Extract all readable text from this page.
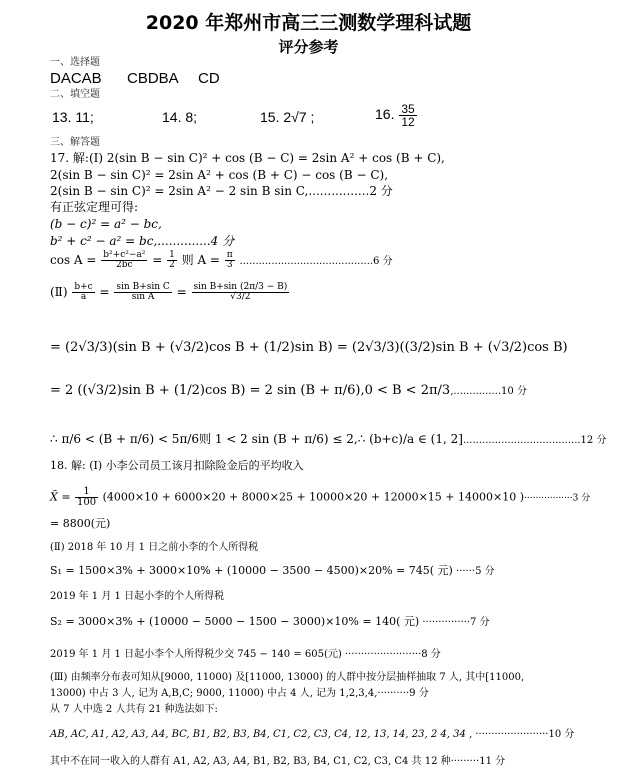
2020 年郑州市高三三测数学理科试题
评分参考
一、选择题
DACAB CBDBA CD
二、填空题
13. 11;	14. 8;	15. 2√7 ;	16. $\frac{35}{12}$
三、解答题
17. 解:(Ⅰ) 2(sin B − sin C)² + cos (B − C) = 2sin A² + cos (B + C),
2(sin B − sin C)² = 2sin A² + cos (B + C) − cos (B − C),
2(sin B − sin C)² = 2sin A² − 2 sin B sin C,................2 分
有正弦定理可得:
(b − c)² = a² − bc,
b² + c² − a² = bc,..............4 分
$\cos A = \frac{\text{b²+c²−a²}}{2bc} = \frac{1}{2}$ 则 $A = \frac{\pi}{3} ..........................................6$ 分
(Ⅱ) $\frac{b+c}{a} = \frac{\text{sin B+sin C}}{\text{sin A}} = \frac{\text{sin B+sin (2π/3 − B)}}{√3/2}$
= (2√3/3)(sin B + (√3/2)cos B + (1/2)sin B) = (2√3/3)((3/2)sin B + (√3/2)cos B)
= 2 ((√3/2)sin B + (1/2)cos B) = 2 sin (B + π/6),0 < B < 2π/3,...............10 分
∴ π/6 < (B + π/6) < 5π/6则 1 < 2 sin (B + π/6) ≤ 2,∴ (b+c)/a ∈ (1, 2].....................................12 分
18. 解: (Ⅰ) 小李公司员工该月扣除险金后的平均收入
X̄ = $\frac{1}{100} (4000\times 10 + 6000\times 20 + 8000\times 25 + 10000\times 20 + 12000\times 15 + 14000\times 10$ )·················3 分
= 8800(元)
(Ⅱ) 2018 年 10 月 1 日之前小李的个人所得税
S₁ = 1500×3% + 3000×10% + (10000 − 3500 − 4500)×20% = 745( 元) ······5 分
2019 年 1 月 1 日起小李的个人所得税
S₂ = 3000×3% + (10000 − 5000 − 1500 − 3000)×10% = 140( 元) ···············7 分
2019 年 1 月 1 日起小李个人所得税少交 745 − 140 = 605(元) ························8 分
(Ⅲ) 由频率分布表可知从[9000, 11000) 及[11000, 13000) 的人群中按分层抽样抽取 7 人, 其中[11000,
13000) 中占 3 人, 记为 A,B,C; 9000, 11000) 中占 4 人, 记为 1,2,3,4,··········9 分
从 7 人中选 2 人共有 21 种选法如下:
AB, AC, A1, A2, A3, A4, BC, B1, B2, B3, B4, C1, C2, C3, C4, 12, 13, 14, 23, 2 4, 34 , ·······················10 分
其中不在同一收入的人群有 A1, A2, A3, A4, B1, B2, B3, B4, C1, C2, C3, C4 共 12 种·········11 分
